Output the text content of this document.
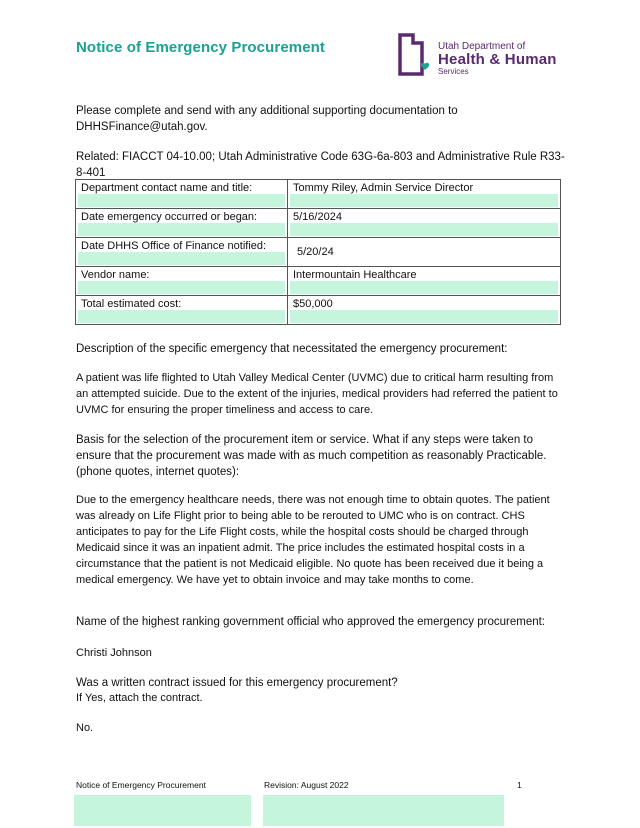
Notice of Emergency Procurement	Utah Department of
Health & Human
Services
Please complete and send with any additional supporting documentation to
DHHSFinance@utah.gov.
Related: FIACCT 04-10.00; Utah Administrative Code 63G-6a-803 and Administrative Rule R33-8-401
Department contact name and title:	Tommy Riley, Admin Service Director

Date emergency occurred or began:	5/16/2024

Date DHHS Office of Finance notified:	5/20/24

Vendor name:	Intermountain Healthcare

Total estimated cost:	$50,000
Description of the specific emergency that necessitated the emergency procurement:
A patient was life flighted to Utah Valley Medical Center (UVMC) due to critical harm resulting from an attempted suicide. Due to the extent of the injuries, medical providers had referred the patient to UVMC for ensuring the proper timeliness and access to care.
Basis for the selection of the procurement item or service. What if any steps were taken to ensure that the procurement was made with as much competition as reasonably Practicable. (phone quotes, internet quotes):
Due to the emergency healthcare needs, there was not enough time to obtain quotes. The patient was already on Life Flight prior to being able to be rerouted to UMC who is on contract. CHS anticipates to pay for the Life Flight costs, while the hospital costs should be charged through Medicaid since it was an inpatient admit. The price includes the estimated hospital costs in a circumstance that the patient is not Medicaid eligible. No quote has been received due it being a medical emergency. We have yet to obtain invoice and may take months to come.
Name of the highest ranking government official who approved the emergency procurement:
Christi Johnson
Was a written contract issued for this emergency procurement?
If Yes, attach the contract.
No.
Notice of Emergency Procurement	Revision: August 2022	1
